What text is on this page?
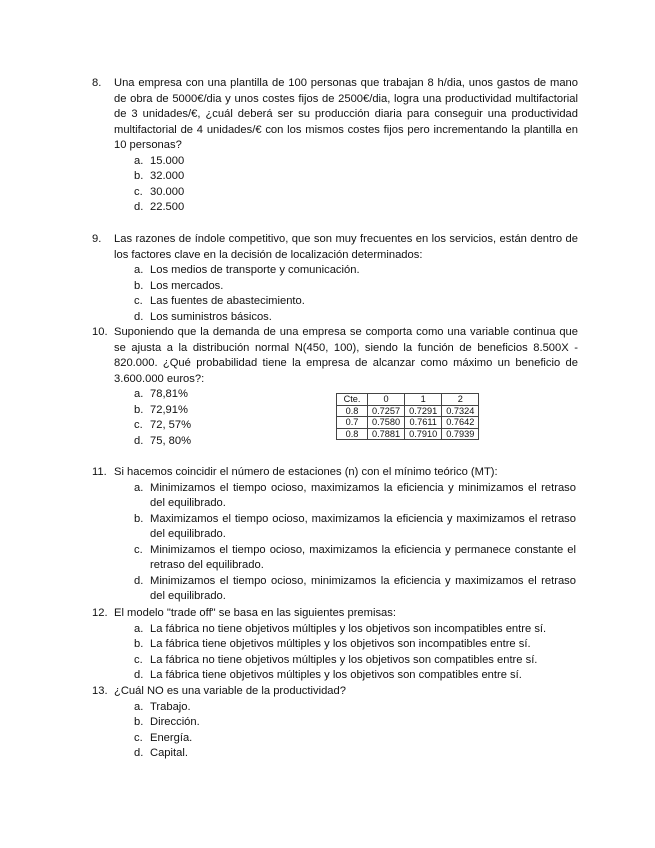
8. Una empresa con una plantilla de 100 personas que trabajan 8 h/dia, unos gastos de mano de obra de 5000€/dia y unos costes fijos de 2500€/dia, logra una productividad multifactorial de 3 unidades/€, ¿cuál deberá ser su producción diaria para conseguir una productividad multifactorial de 4 unidades/€ con los mismos costes fijos pero incrementando la plantilla en 10 personas?
a. 15.000
b. 32.000
c. 30.000
d. 22.500
9. Las razones de índole competitivo, que son muy frecuentes en los servicios, están dentro de los factores clave en la decisión de localización determinados:
a. Los medios de transporte y comunicación.
b. Los mercados.
c. Las fuentes de abastecimiento.
d. Los suministros básicos.
10. Suponiendo que la demanda de una empresa se comporta como una variable continua que se ajusta a la distribución normal N(450, 100), siendo la función de beneficios 8.500X - 820.000. ¿Qué probabilidad tiene la empresa de alcanzar como máximo un beneficio de 3.600.000 euros?:
a. 78,81%
b. 72,91%
c. 72, 57%
d. 75, 80%
Cte.	0	1	2
0.8	0.7257	0.7291	0.7324
0.7	0.7580	0.7611	0.7642
0.8	0.7881	0.7910	0.7939
11. Si hacemos coincidir el número de estaciones (n) con el mínimo teórico (MT):
a. Minimizamos el tiempo ocioso, maximizamos la eficiencia y minimizamos el retraso del equilibrado.
b. Maximizamos el tiempo ocioso, maximizamos la eficiencia y maximizamos el retraso del equilibrado.
c. Minimizamos el tiempo ocioso, maximizamos la eficiencia y permanece constante el retraso del equilibrado.
d. Minimizamos el tiempo ocioso, minimizamos la eficiencia y maximizamos el retraso del equilibrado.
12. El modelo "trade off" se basa en las siguientes premisas:
a. La fábrica no tiene objetivos múltiples y los objetivos son incompatibles entre sí.
b. La fábrica tiene objetivos múltiples y los objetivos son incompatibles entre sí.
c. La fábrica no tiene objetivos múltiples y los objetivos son compatibles entre sí.
d. La fábrica tiene objetivos múltiples y los objetivos son compatibles entre sí.
13. ¿Cuál NO es una variable de la productividad?
a. Trabajo.
b. Dirección.
c. Energía.
d. Capital.
